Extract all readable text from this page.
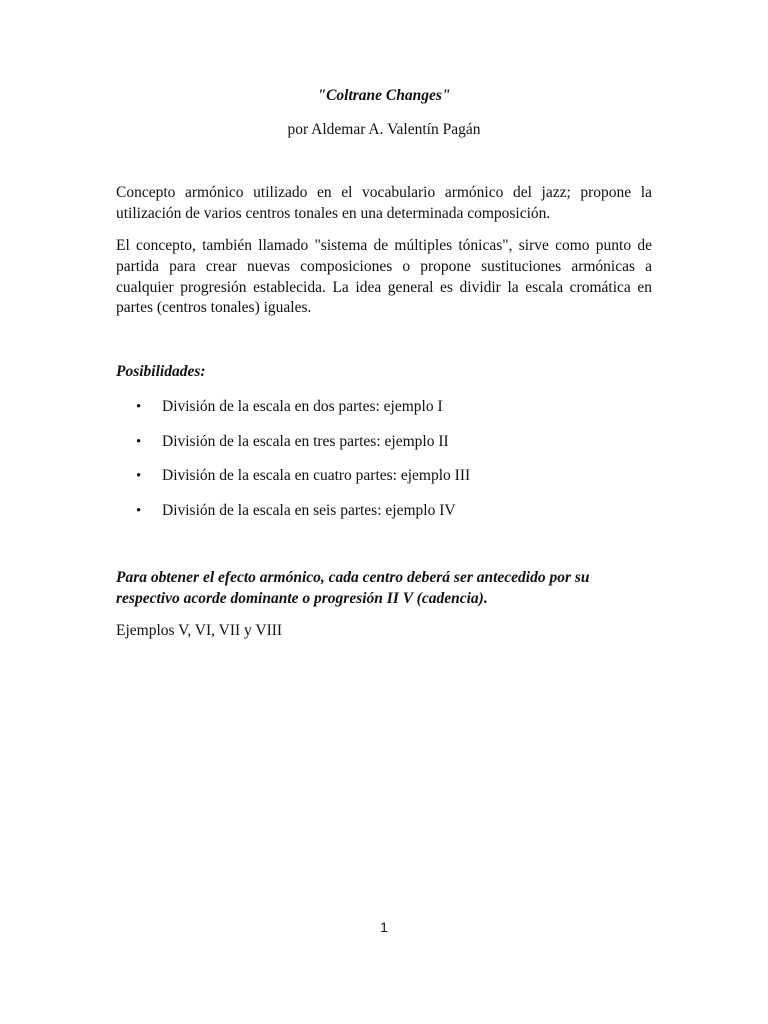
"Coltrane Changes"
por Aldemar A. Valentín Pagán

Concepto armónico utilizado en el vocabulario armónico del jazz; propone la utilización de varios centros tonales en una determinada composición.

El concepto, también llamado "sistema de múltiples tónicas", sirve como punto de partida para crear nuevas composiciones o propone sustituciones armónicas a cualquier progresión establecida. La idea general es dividir la escala cromática en partes (centros tonales) iguales.

Posibilidades:
• División de la escala en dos partes: ejemplo I
• División de la escala en tres partes: ejemplo II
• División de la escala en cuatro partes: ejemplo III
• División de la escala en seis partes: ejemplo IV

Para obtener el efecto armónico, cada centro deberá ser antecedido por su respectivo acorde dominante o progresión II V (cadencia).

Ejemplos V, VI, VII y VIII
1
